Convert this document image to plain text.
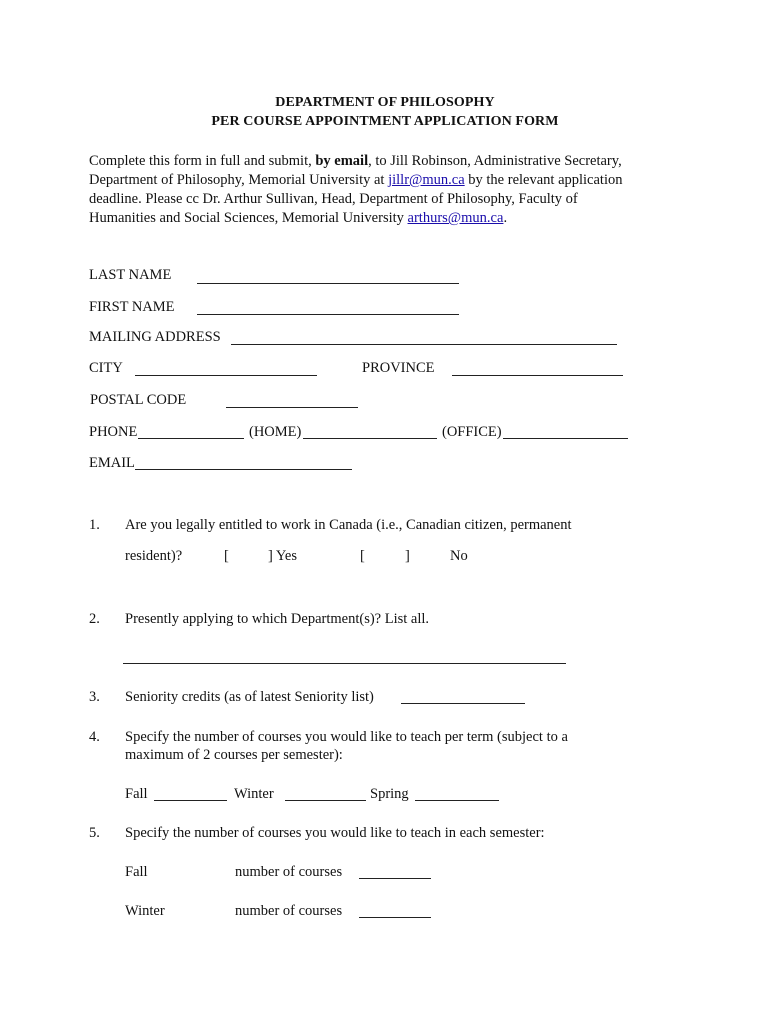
DEPARTMENT OF PHILOSOPHY
PER COURSE APPOINTMENT APPLICATION FORM
Complete this form in full and submit, by email, to Jill Robinson, Administrative Secretary, Department of Philosophy, Memorial University at jillr@mun.ca by the relevant application deadline. Please cc Dr. Arthur Sullivan, Head, Department of Philosophy, Faculty of Humanities and Social Sciences, Memorial University arthurs@mun.ca.
LAST NAME
FIRST NAME
MAILING ADDRESS
CITY	PROVINCE
POSTAL CODE
PHONE	(HOME)	(OFFICE)
EMAIL
1. Are you legally entitled to work in Canada (i.e., Canadian citizen, permanent
resident)?	[	] Yes	[	]	No
2. Presently applying to which Department(s)? List all.
3. Seniority credits (as of latest Seniority list)
4. Specify the number of courses you would like to teach per term (subject to a
maximum of 2 courses per semester):
Fall	Winter	Spring
5. Specify the number of courses you would like to teach in each semester:
Fall	number of courses
Winter	number of courses
